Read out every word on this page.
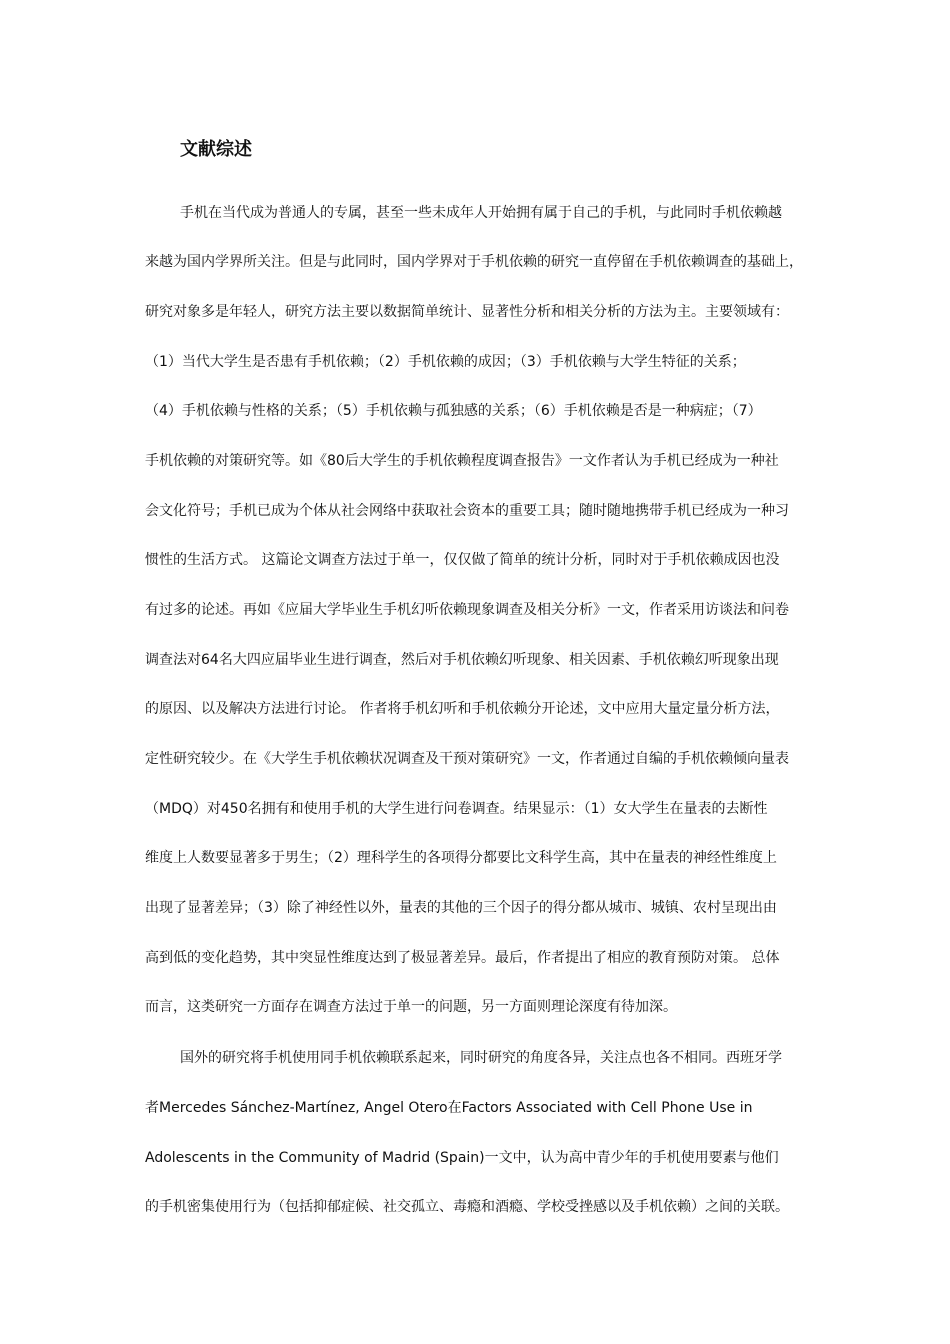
文献综述

手机在当代成为普通人的专属，甚至一些未成年人开始拥有属于自己的手机，与此同时手机依赖越

来越为国内学界所关注。但是与此同时，国内学界对于手机依赖的研究一直停留在手机依赖调查的基础上，

研究对象多是年轻人，研究方法主要以数据简单统计、显著性分析和相关分析的方法为主。主要领域有：

（1）当代大学生是否患有手机依赖；（2）手机依赖的成因；（3）手机依赖与大学生特征的关系；

（4）手机依赖与性格的关系；（5）手机依赖与孤独感的关系；（6）手机依赖是否是一种病症；（7）

手机依赖的对策研究等。如《80后大学生的手机依赖程度调查报告》一文作者认为手机已经成为一种社

会文化符号；手机已成为个体从社会网络中获取社会资本的重要工具；随时随地携带手机已经成为一种习

惯性的生活方式。 这篇论文调查方法过于单一，仅仅做了简单的统计分析，同时对于手机依赖成因也没

有过多的论述。再如《应届大学毕业生手机幻听依赖现象调查及相关分析》一文，作者采用访谈法和问卷

调查法对64名大四应届毕业生进行调查，然后对手机依赖幻听现象、相关因素、手机依赖幻听现象出现

的原因、以及解决方法进行讨论。 作者将手机幻听和手机依赖分开论述，文中应用大量定量分析方法，

定性研究较少。在《大学生手机依赖状况调查及干预对策研究》一文，作者通过自编的手机依赖倾向量表

（MDQ）对450名拥有和使用手机的大学生进行问卷调查。结果显示：（1）女大学生在量表的去断性

维度上人数要显著多于男生；（2）理科学生的各项得分都要比文科学生高，其中在量表的神经性维度上

出现了显著差异；（3）除了神经性以外，量表的其他的三个因子的得分都从城市、城镇、农村呈现出由

高到低的变化趋势，其中突显性维度达到了极显著差异。最后，作者提出了相应的教育预防对策。 总体

而言，这类研究一方面存在调查方法过于单一的问题，另一方面则理论深度有待加深。

国外的研究将手机使用同手机依赖联系起来，同时研究的角度各异，关注点也各不相同。西班牙学

者Mercedes Sánchez-Martínez, Angel Otero在Factors Associated with Cell Phone Use in

Adolescents in the Community of Madrid (Spain)一文中，认为高中青少年的手机使用要素与他们

的手机密集使用行为（包括抑郁症候、社交孤立、毒瘾和酒瘾、学校受挫感以及手机依赖）之间的关联。
